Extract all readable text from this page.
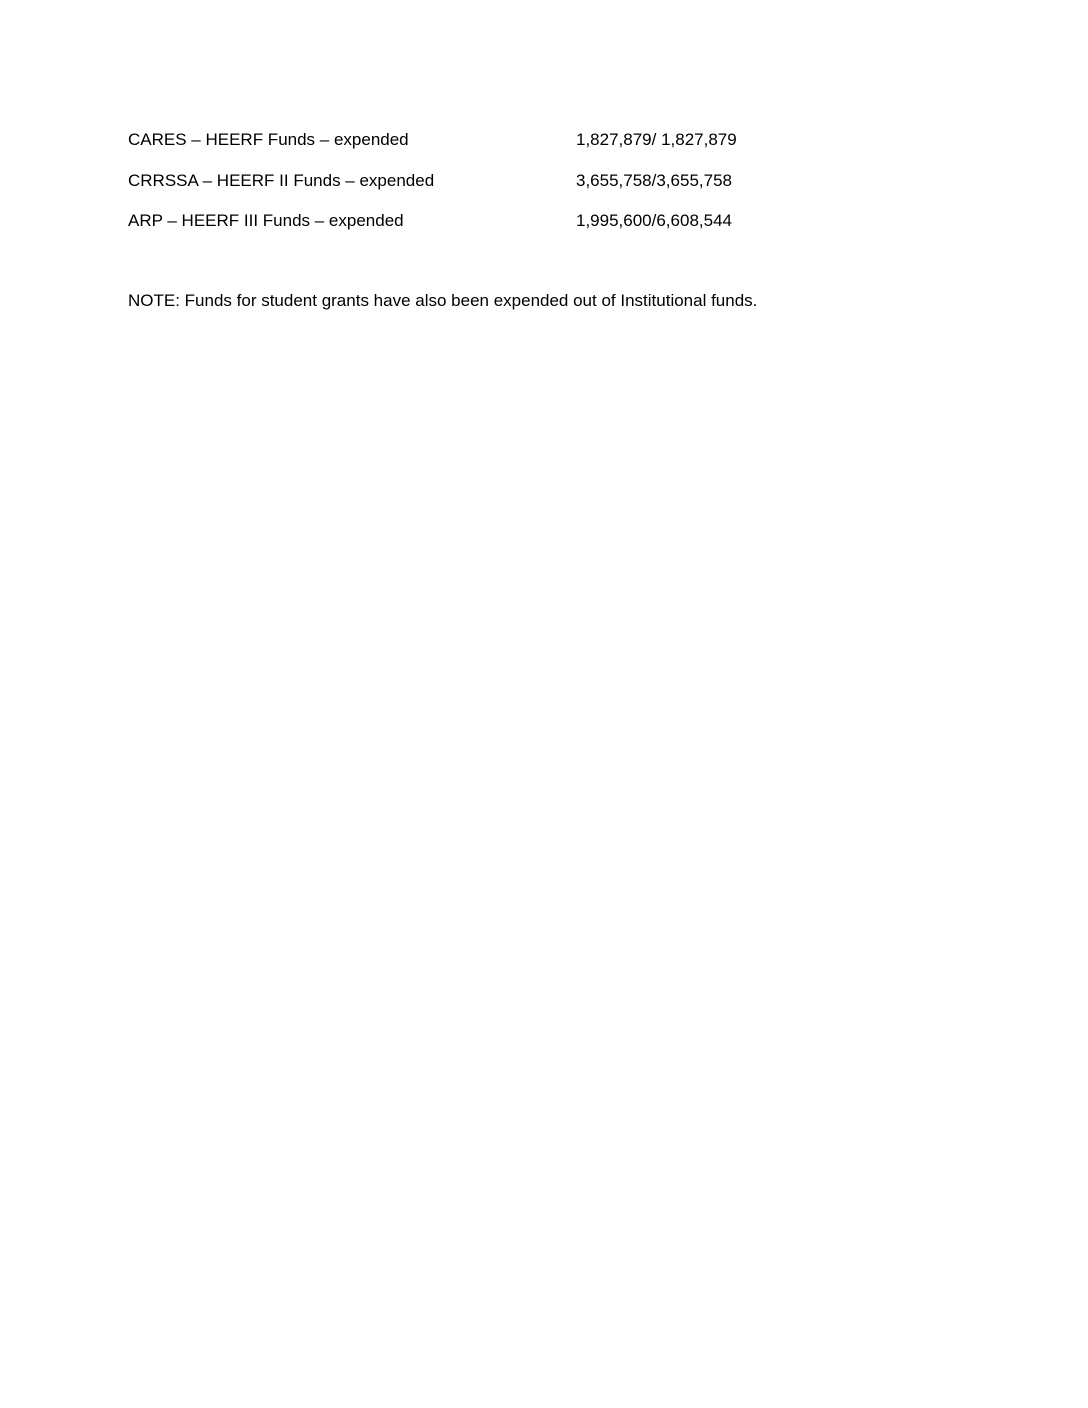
CARES – HEERF Funds – expended	1,827,879/ 1,827,879
CRRSSA – HEERF II Funds – expended	3,655,758/3,655,758
ARP – HEERF III Funds – expended	1,995,600/6,608,544
NOTE: Funds for student grants have also been expended out of Institutional funds.
